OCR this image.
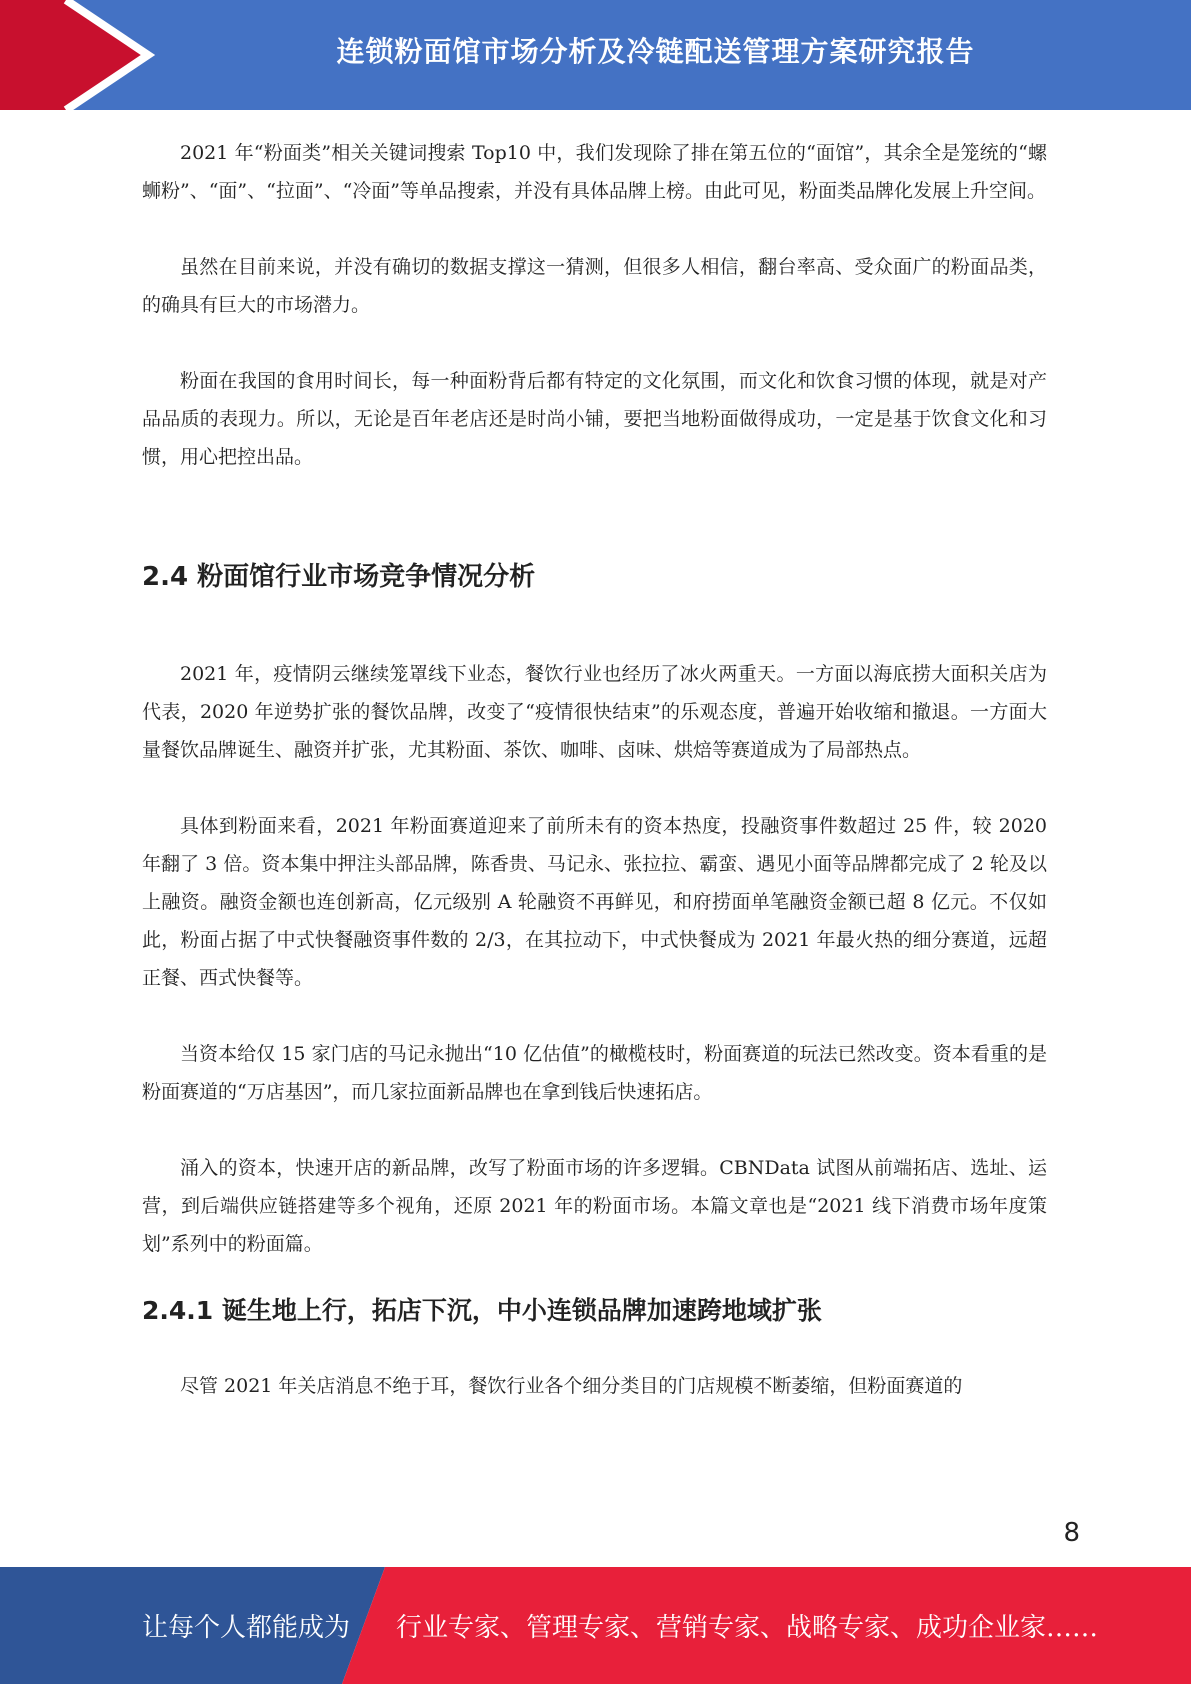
连锁粉面馆市场分析及冷链配送管理方案研究报告

2021 年“粉面类”相关关键词搜索 Top10 中，我们发现除了排在第五位的“面馆”，其余全是笼统的“螺蛳粉”、“面”、“拉面”、“冷面”等单品搜索，并没有具体品牌上榜。由此可见，粉面类品牌化发展上升空间。

虽然在目前来说，并没有确切的数据支撑这一猜测，但很多人相信，翻台率高、受众面广的粉面品类，的确具有巨大的市场潜力。

粉面在我国的食用时间长，每一种面粉背后都有特定的文化氛围，而文化和饮食习惯的体现，就是对产品品质的表现力。所以，无论是百年老店还是时尚小铺，要把当地粉面做得成功，一定是基于饮食文化和习惯，用心把控出品。

2.4 粉面馆行业市场竞争情况分析

2021 年，疫情阴云继续笼罩线下业态，餐饮行业也经历了冰火两重天。一方面以海底捞大面积关店为代表，2020 年逆势扩张的餐饮品牌，改变了“疫情很快结束”的乐观态度，普遍开始收缩和撤退。一方面大量餐饮品牌诞生、融资并扩张，尤其粉面、茶饮、咖啡、卤味、烘焙等赛道成为了局部热点。

具体到粉面来看，2021 年粉面赛道迎来了前所未有的资本热度，投融资事件数超过 25 件，较 2020 年翻了 3 倍。资本集中押注头部品牌，陈香贵、马记永、张拉拉、霸蛮、遇见小面等品牌都完成了 2 轮及以上融资。融资金额也连创新高，亿元级别 A 轮融资不再鲜见，和府捞面单笔融资金额已超 8 亿元。不仅如此，粉面占据了中式快餐融资事件数的 2/3，在其拉动下，中式快餐成为 2021 年最火热的细分赛道，远超正餐、西式快餐等。

当资本给仅 15 家门店的马记永抛出“10 亿估值”的橄榄枝时，粉面赛道的玩法已然改变。资本看重的是粉面赛道的“万店基因”，而几家拉面新品牌也在拿到钱后快速拓店。

涌入的资本，快速开店的新品牌，改写了粉面市场的许多逻辑。CBNData 试图从前端拓店、选址、运营，到后端供应链搭建等多个视角，还原 2021 年的粉面市场。本篇文章也是“2021 线下消费市场年度策划”系列中的粉面篇。

2.4.1 诞生地上行，拓店下沉，中小连锁品牌加速跨地域扩张

尽管 2021 年关店消息不绝于耳，餐饮行业各个细分类目的门店规模不断萎缩，但粉面赛道的

8
让每个人都能成为 行业专家、管理专家、营销专家、战略专家、成功企业家……
